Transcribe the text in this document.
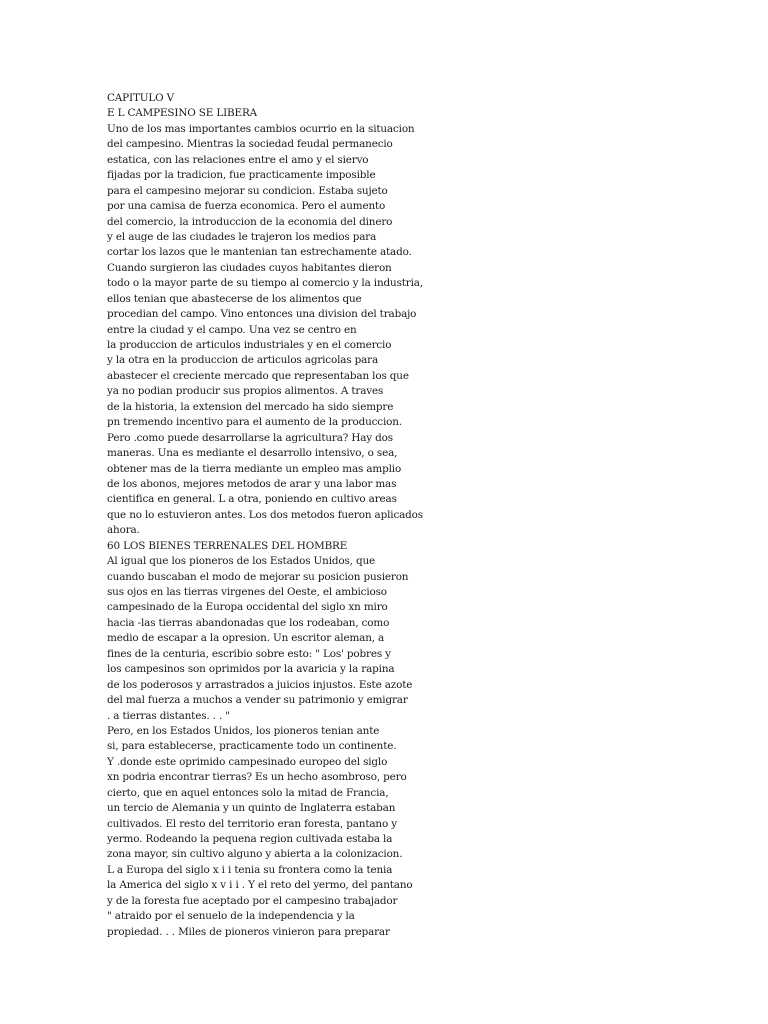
CAPITULO V
E L CAMPESINO SE LIBERA
Uno de los mas importantes cambios ocurrio en la situacion
del campesino. Mientras la sociedad feudal permanecio
estatica, con las relaciones entre el amo y el siervo
fijadas por la tradicion, fue practicamente imposible
para el campesino mejorar su condicion. Estaba sujeto
por una camisa de fuerza economica. Pero el aumento
del comercio, la introduccion de la economia del dinero
y el auge de las ciudades le trajeron los medios para
cortar los lazos que le mantenian tan estrechamente atado.
Cuando surgieron las ciudades cuyos habitantes dieron
todo o la mayor parte de su tiempo al comercio y la industria,
ellos tenian que abastecerse de los alimentos que
procedian del campo. Vino entonces una division del trabajo
entre la ciudad y el campo. Una vez se centro en
la produccion de articulos industriales y en el comercio
y la otra en la produccion de articulos agricolas para
abastecer el creciente mercado que representaban los que
ya no podian producir sus propios alimentos. A traves
de la historia, la extension del mercado ha sido siempre
pn tremendo incentivo para el aumento de la produccion.
Pero .como puede desarrollarse la agricultura? Hay dos
maneras. Una es mediante el desarrollo intensivo, o sea,
obtener mas de la tierra mediante un empleo mas amplio
de los abonos, mejores metodos de arar y una labor mas
cientifica en general. L a otra, poniendo en cultivo areas
que no lo estuvieron antes. Los dos metodos fueron aplicados
ahora.
60 LOS BIENES TERRENALES DEL HOMBRE
Al igual que los pioneros de los Estados Unidos, que
cuando buscaban el modo de mejorar su posicion pusieron
sus ojos en las tierras virgenes del Oeste, el ambicioso
campesinado de la Europa occidental del siglo xn miro
hacia -las tierras abandonadas que los rodeaban, como
medio de escapar a la opresion. Un escritor aleman, a
fines de la centuria, escribio sobre esto: " Los' pobres y
los campesinos son oprimidos por la avaricia y la rapina
de los poderosos y arrastrados a juicios injustos. Este azote
del mal fuerza a muchos a vender su patrimonio y emigrar
. a tierras distantes. . . "
Pero, en los Estados Unidos, los pioneros tenian ante
si, para establecerse, practicamente todo un continente.
Y .donde este oprimido campesinado europeo del siglo
xn podria encontrar tierras? Es un hecho asombroso, pero
cierto, que en aquel entonces solo la mitad de Francia,
un tercio de Alemania y un quinto de Inglaterra estaban
cultivados. El resto del territorio eran foresta, pantano y
yermo. Rodeando la pequena region cultivada estaba la
zona mayor, sin cultivo alguno y abierta a la colonizacion.
L a Europa del siglo x i i tenia su frontera como la tenia
la America del siglo x v i i . Y el reto del yermo, del pantano
y de la foresta fue aceptado por el campesino trabajador
" atraido por el senuelo de la independencia y la
propiedad. . . Miles de pioneros vinieron para preparar
